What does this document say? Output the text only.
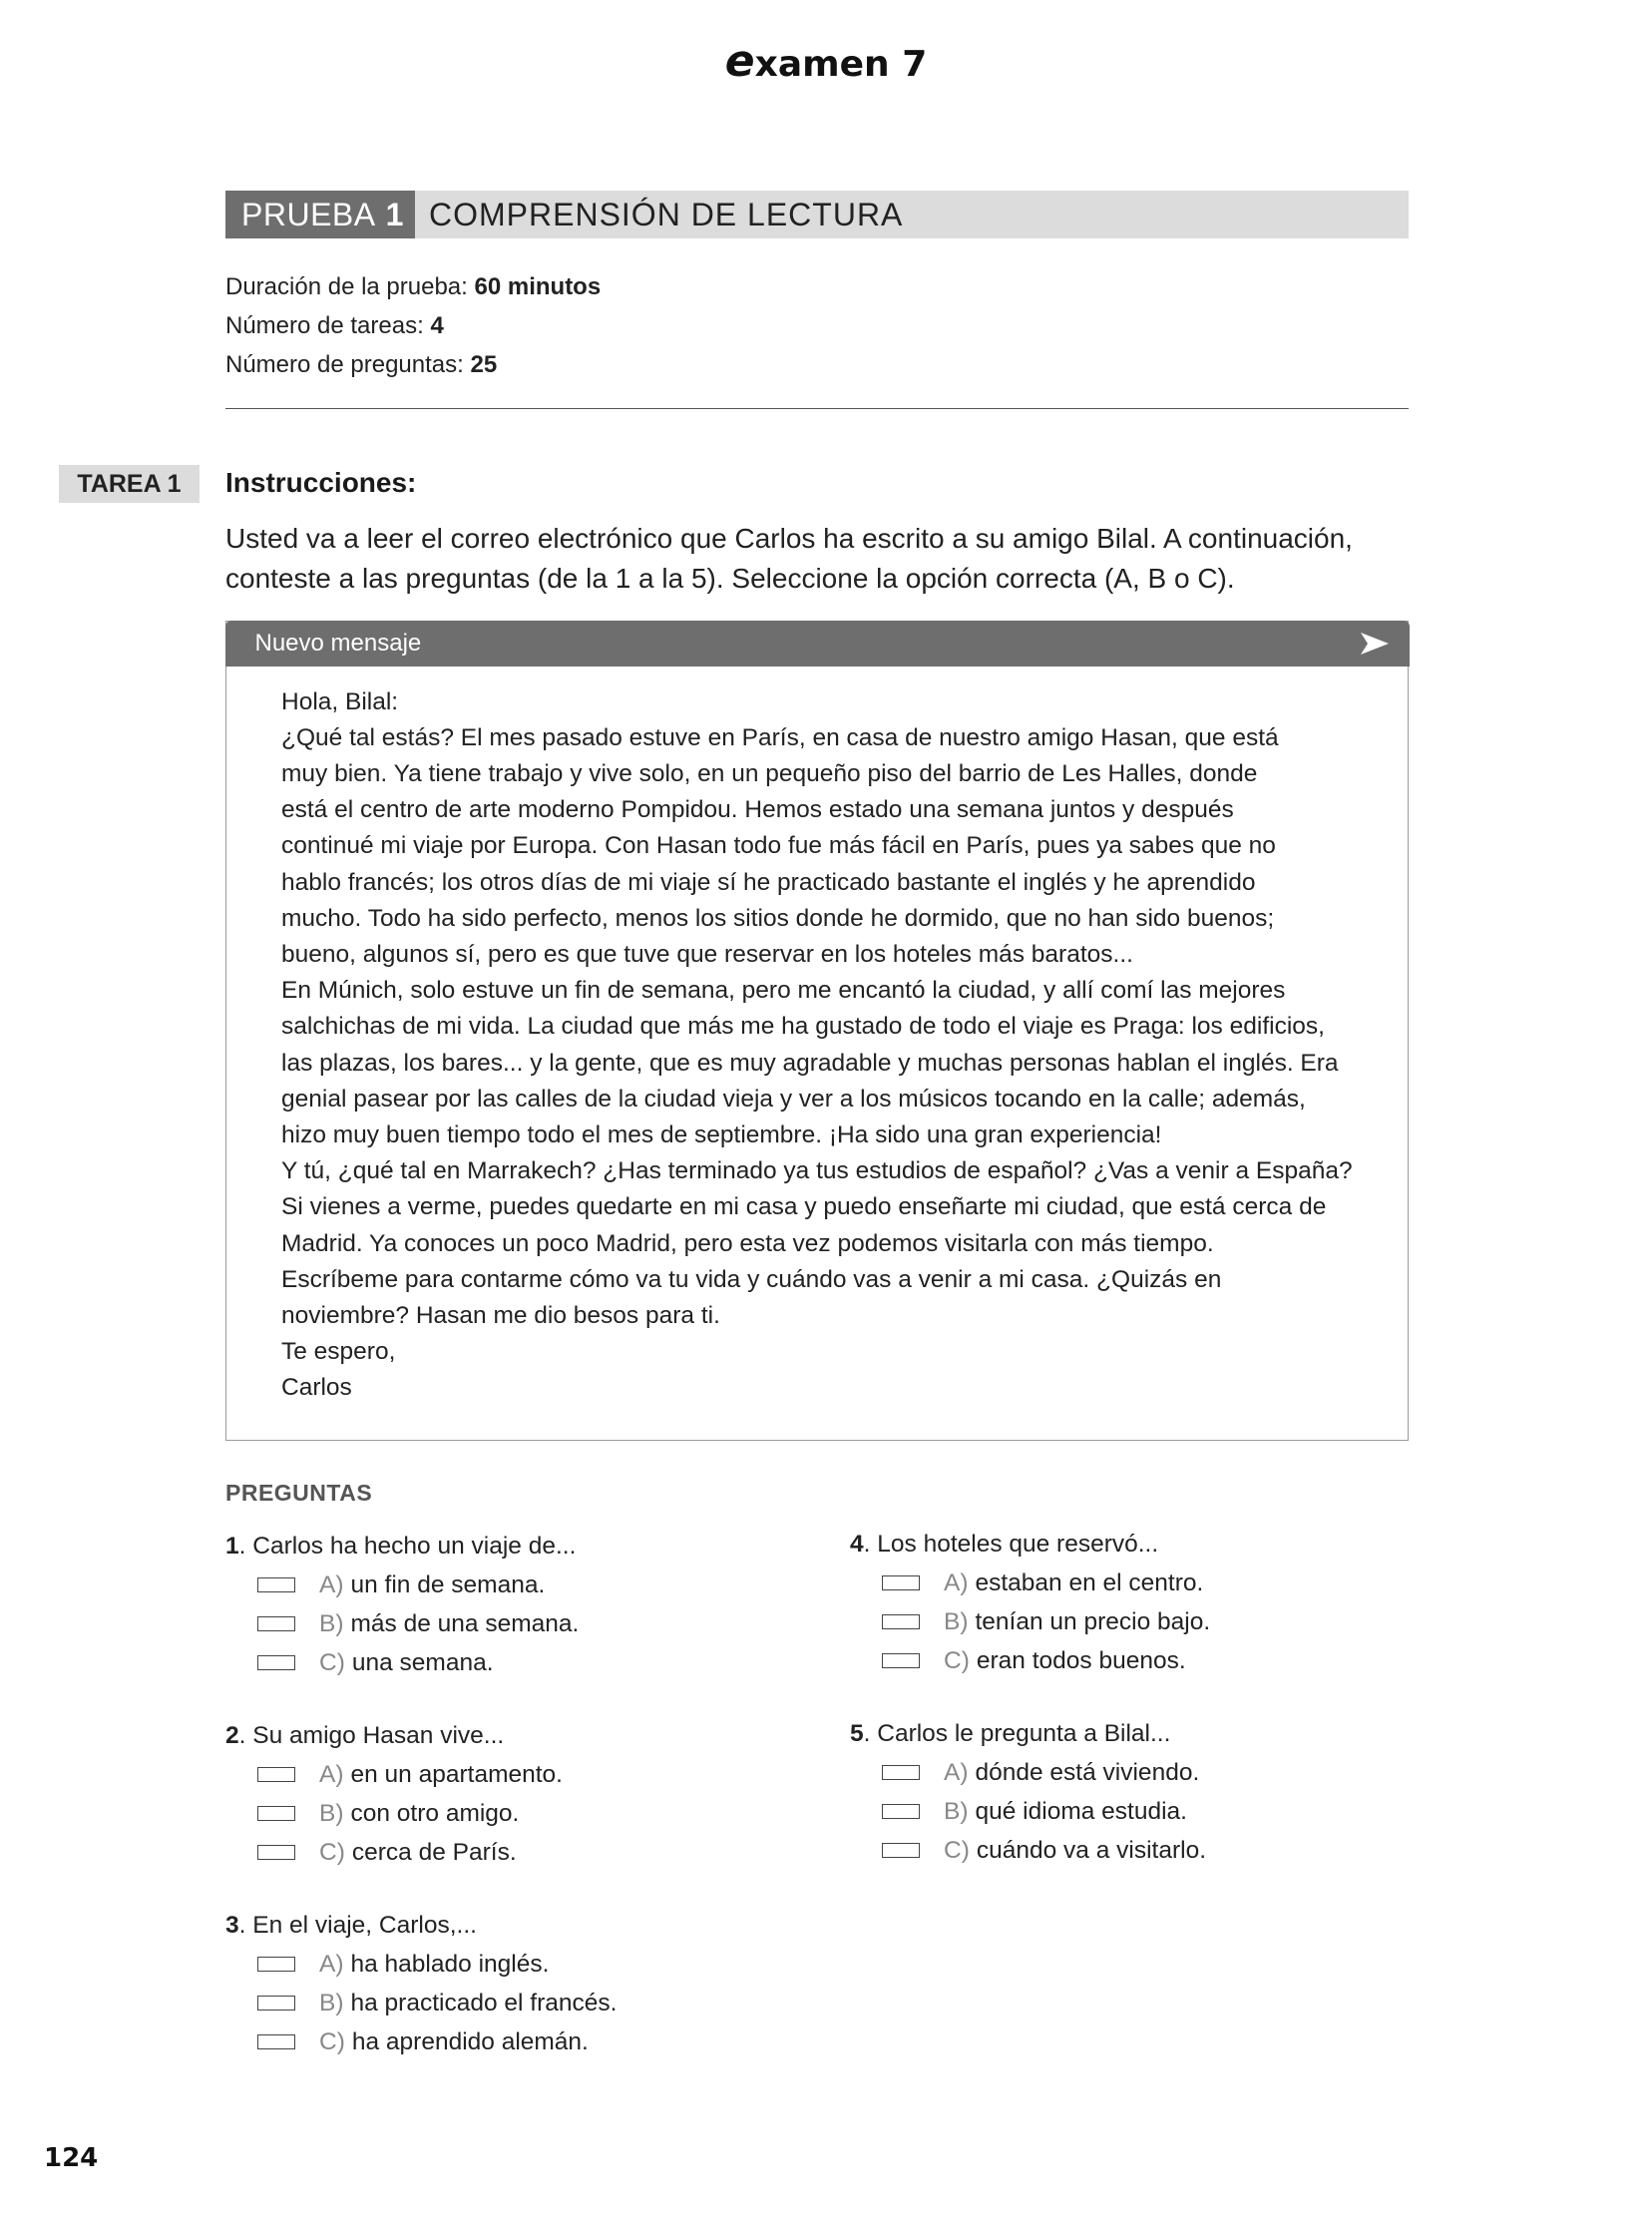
examen 7
PRUEBA 1 COMPRENSIÓN DE LECTURA
Duración de la prueba: 60 minutos
Número de tareas: 4
Número de preguntas: 25
TAREA 1	Instrucciones:
Usted va a leer el correo electrónico que Carlos ha escrito a su amigo Bilal. A continuación,
conteste a las preguntas (de la 1 a la 5). Seleccione la opción correcta (A, B o C).
Nuevo mensaje

Hola, Bilal:

¿Qué tal estás? El mes pasado estuve en París, en casa de nuestro amigo Hasan, que está

muy bien. Ya tiene trabajo y vive solo, en un pequeño piso del barrio de Les Halles, donde

está el centro de arte moderno Pompidou. Hemos estado una semana juntos y después

continué mi viaje por Europa. Con Hasan todo fue más fácil en París, pues ya sabes que no

hablo francés; los otros días de mi viaje sí he practicado bastante el inglés y he aprendido

mucho. Todo ha sido perfecto, menos los sitios donde he dormido, que no han sido buenos;

bueno, algunos sí, pero es que tuve que reservar en los hoteles más baratos...

En Múnich, solo estuve un fin de semana, pero me encantó la ciudad, y allí comí las mejores

salchichas de mi vida. La ciudad que más me ha gustado de todo el viaje es Praga: los edificios,

las plazas, los bares... y la gente, que es muy agradable y muchas personas hablan el inglés. Era

genial pasear por las calles de la ciudad vieja y ver a los músicos tocando en la calle; además,

hizo muy buen tiempo todo el mes de septiembre. ¡Ha sido una gran experiencia!

Y tú, ¿qué tal en Marrakech? ¿Has terminado ya tus estudios de español? ¿Vas a venir a España?

Si vienes a verme, puedes quedarte en mi casa y puedo enseñarte mi ciudad, que está cerca de

Madrid. Ya conoces un poco Madrid, pero esta vez podemos visitarla con más tiempo.

Escríbeme para contarme cómo va tu vida y cuándo vas a venir a mi casa. ¿Quizás en

noviembre? Hasan me dio besos para ti.

Te espero,

Carlos

PREGUNTAS
1. Carlos ha hecho un viaje de...
A) un fin de semana.
B) más de una semana.
C) una semana.
2. Su amigo Hasan vive...
A) en un apartamento.
B) con otro amigo.
C) cerca de París.
3. En el viaje, Carlos,...
A) ha hablado inglés.
B) ha practicado el francés.
C) ha aprendido alemán.
4. Los hoteles que reservó...
A) estaban en el centro.
B) tenían un precio bajo.
C) eran todos buenos.
5. Carlos le pregunta a Bilal...
A) dónde está viviendo.
B) qué idioma estudia.
C) cuándo va a visitarlo.
124
